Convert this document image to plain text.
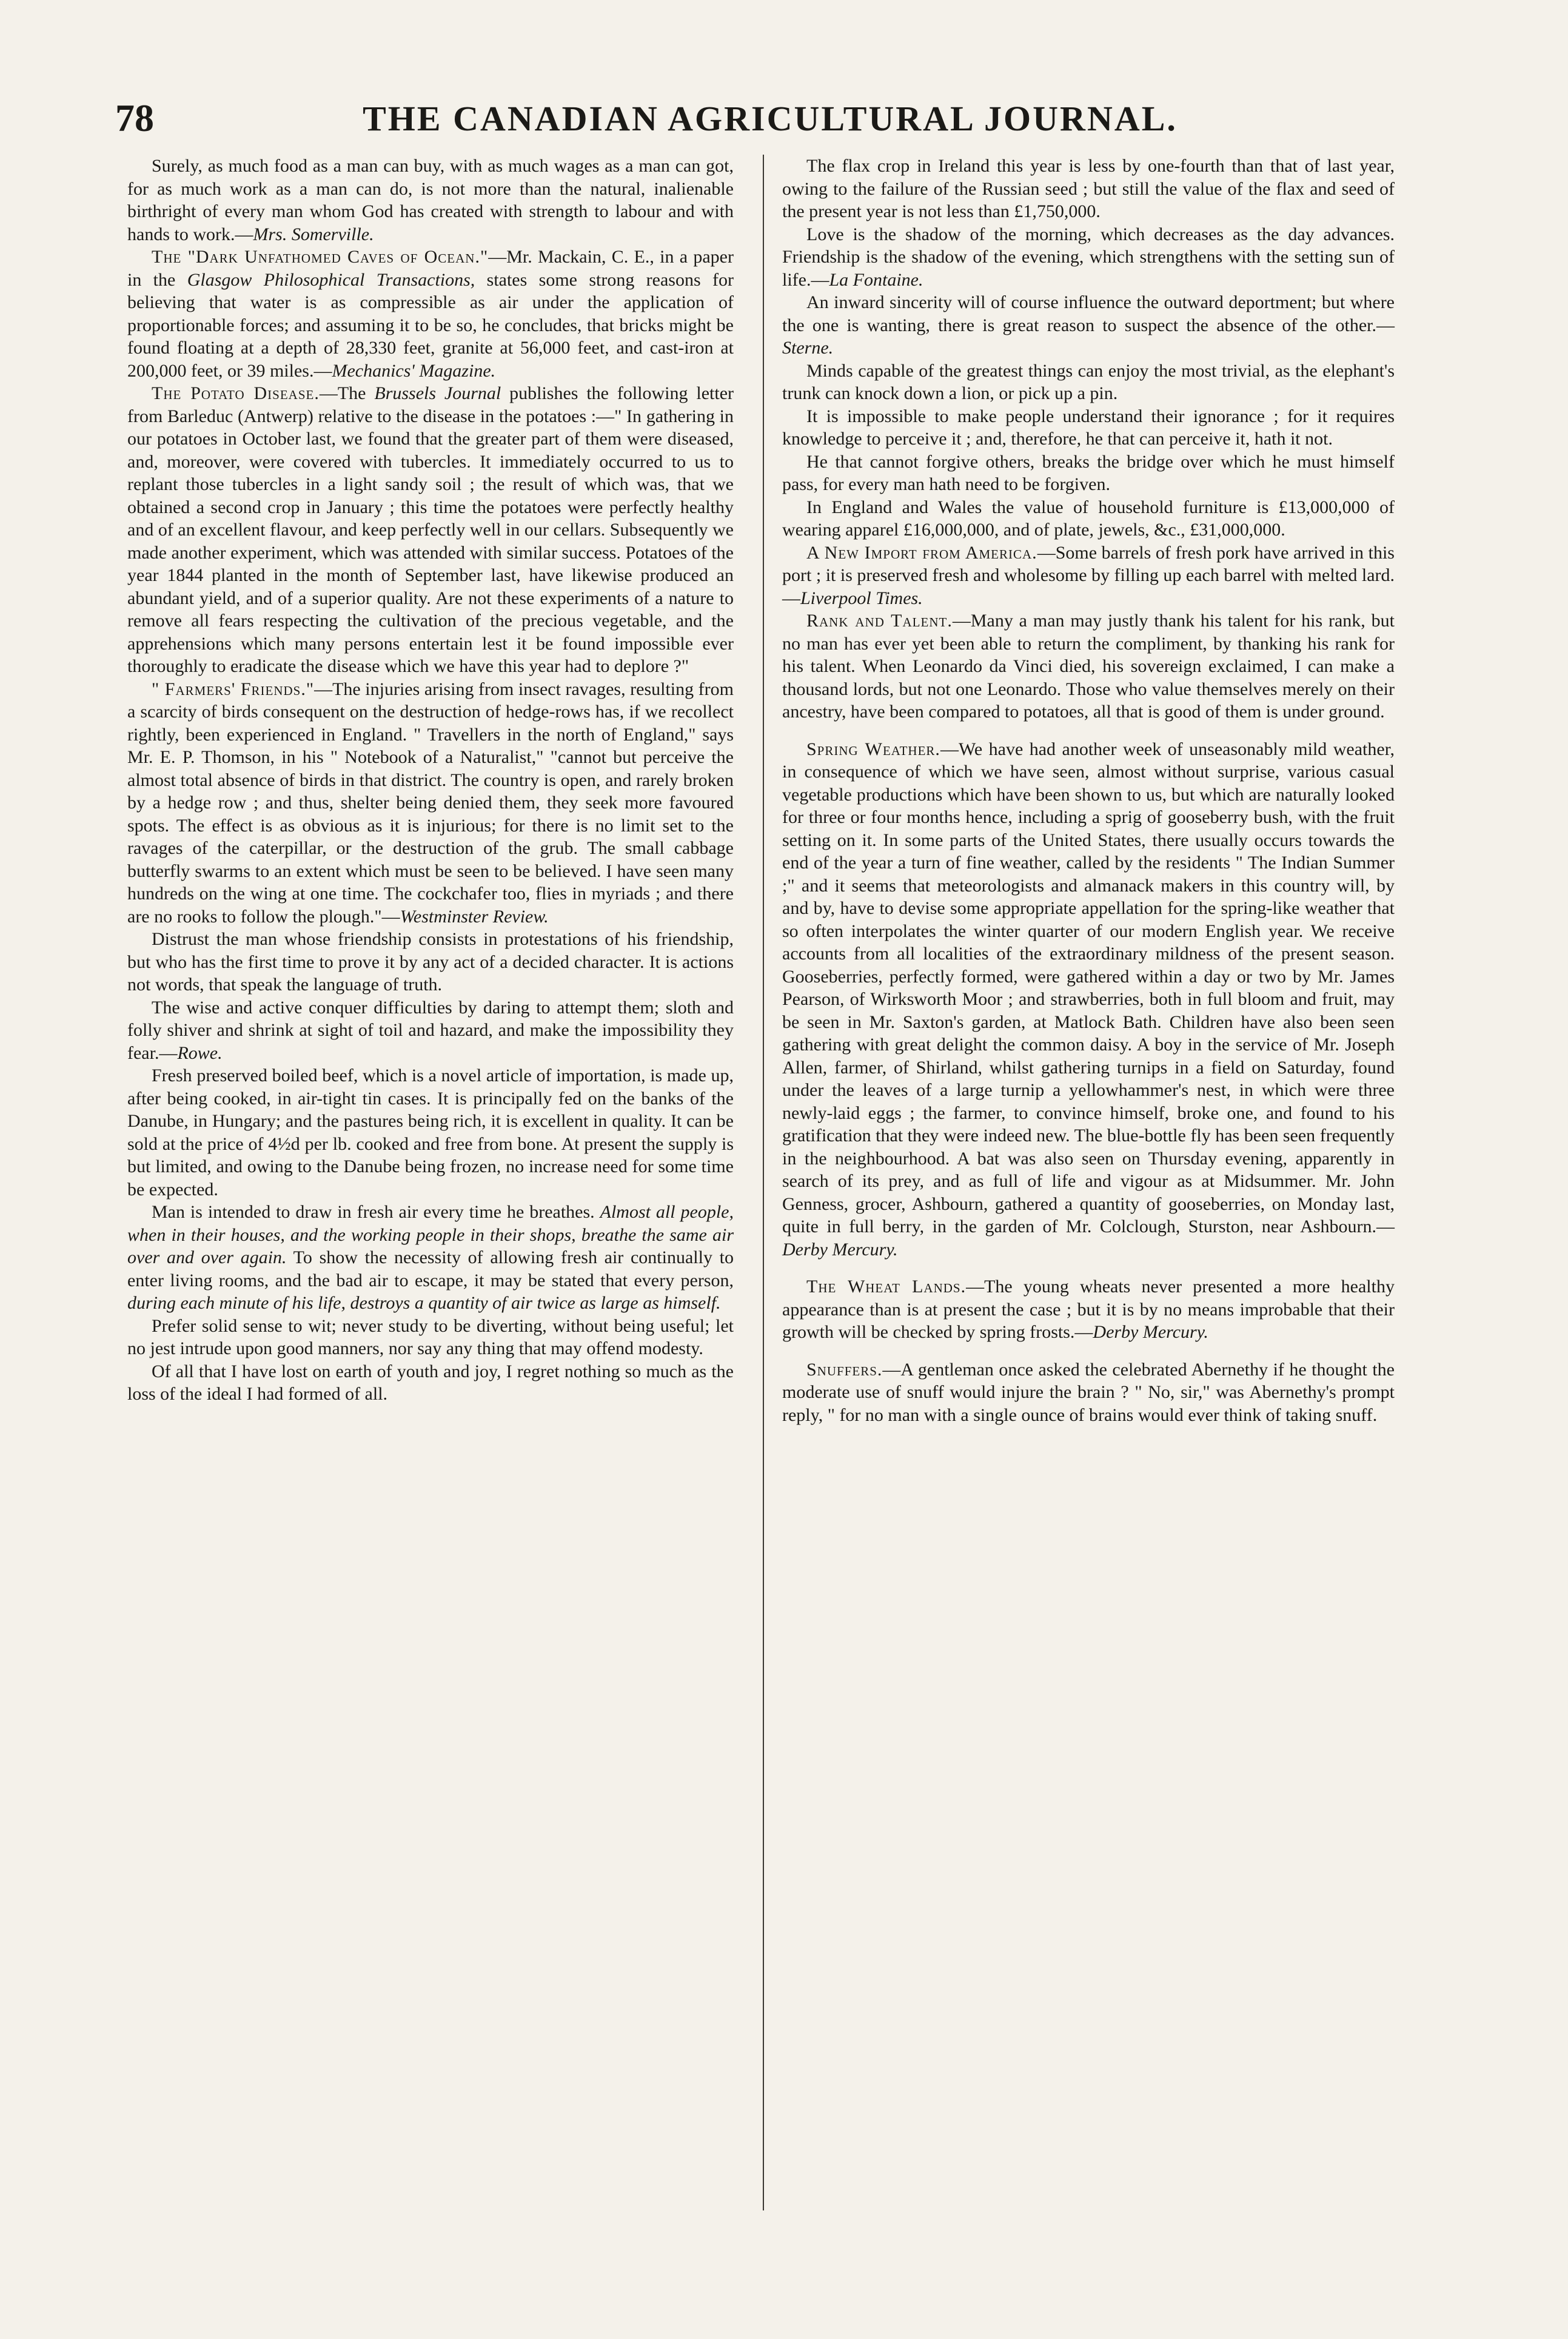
78	THE CANADIAN AGRICULTURAL JOURNAL.

Surely, as much food as a man can buy, with as much wages as a man can got, for as much work as a man can do, is not more than the natural, inalienable birthright of every man whom God has created with strength to labour and with hands to work.—Mrs. Somerville.

The "Dark Unfathomed Caves of Ocean."—Mr. Mackain, C. E., in a paper in the Glasgow Philosophical Transactions, states some strong reasons for believing that water is as compressible as air under the application of proportionable forces; and assuming it to be so, he concludes, that bricks might be found floating at a depth of 28,330 feet, granite at 56,000 feet, and cast-iron at 200,000 feet, or 39 miles.—Mechanics' Magazine.

The Potato Disease.—The Brussels Journal publishes the following letter from Barleduc (Antwerp) relative to the disease in the potatoes :—" In gathering in our potatoes in October last, we found that the greater part of them were diseased, and, moreover, were covered with tubercles. It immediately occurred to us to replant those tubercles in a light sandy soil ; the result of which was, that we obtained a second crop in January ; this time the potatoes were perfectly healthy and of an excellent flavour, and keep perfectly well in our cellars. Subsequently we made another experiment, which was attended with similar success. Potatoes of the year 1844 planted in the month of September last, have likewise produced an abundant yield, and of a superior quality. Are not these experiments of a nature to remove all fears respecting the cultivation of the precious vegetable, and the apprehensions which many persons entertain lest it be found impossible ever thoroughly to eradicate the disease which we have this year had to deplore ?"

" Farmers' Friends."—The injuries arising from insect ravages, resulting from a scarcity of birds consequent on the destruction of hedge-rows has, if we recollect rightly, been experienced in England. " Travellers in the north of England," says Mr. E. P. Thomson, in his " Notebook of a Naturalist," "cannot but perceive the almost total absence of birds in that district. The country is open, and rarely broken by a hedge row ; and thus, shelter being denied them, they seek more favoured spots. The effect is as obvious as it is injurious; for there is no limit set to the ravages of the caterpillar, or the destruction of the grub. The small cabbage butterfly swarms to an extent which must be seen to be believed. I have seen many hundreds on the wing at one time. The cockchafer too, flies in myriads ; and there are no rooks to follow the plough."—Westminster Review.

Distrust the man whose friendship consists in protestations of his friendship, but who has the first time to prove it by any act of a decided character. It is actions not words, that speak the language of truth.

The wise and active conquer difficulties by daring to attempt them; sloth and folly shiver and shrink at sight of toil and hazard, and make the impossibility they fear.—Rowe.

Fresh preserved boiled beef, which is a novel article of importation, is made up, after being cooked, in air-tight tin cases. It is principally fed on the banks of the Danube, in Hungary; and the pastures being rich, it is excellent in quality. It can be sold at the price of 4½d per lb. cooked and free from bone. At present the supply is but limited, and owing to the Danube being frozen, no increase need for some time be expected.

Man is intended to draw in fresh air every time he breathes. Almost all people, when in their houses, and the working people in their shops, breathe the same air over and over again. To show the necessity of allowing fresh air continually to enter living rooms, and the bad air to escape, it may be stated that every person, during each minute of his life, destroys a quantity of air twice as large as himself.

Prefer solid sense to wit; never study to be diverting, without being useful; let no jest intrude upon good manners, nor say any thing that may offend modesty.

Of all that I have lost on earth of youth and joy, I regret nothing so much as the loss of the ideal I had formed of all.

The flax crop in Ireland this year is less by one-fourth than that of last year, owing to the failure of the Russian seed ; but still the value of the flax and seed of the present year is not less than £1,750,000.

Love is the shadow of the morning, which decreases as the day advances. Friendship is the shadow of the evening, which strengthens with the setting sun of life.—La Fontaine.

An inward sincerity will of course influence the outward deportment; but where the one is wanting, there is great reason to suspect the absence of the other.—Sterne.

Minds capable of the greatest things can enjoy the most trivial, as the elephant's trunk can knock down a lion, or pick up a pin.

It is impossible to make people understand their ignorance ; for it requires knowledge to perceive it ; and, therefore, he that can perceive it, hath it not.

He that cannot forgive others, breaks the bridge over which he must himself pass, for every man hath need to be forgiven.

In England and Wales the value of household furniture is £13,000,000 of wearing apparel £16,000,000, and of plate, jewels, &c., £31,000,000.

A New Import from America.—Some barrels of fresh pork have arrived in this port ; it is preserved fresh and wholesome by filling up each barrel with melted lard.—Liverpool Times.

Rank and Talent.—Many a man may justly thank his talent for his rank, but no man has ever yet been able to return the compliment, by thanking his rank for his talent. When Leonardo da Vinci died, his sovereign exclaimed, I can make a thousand lords, but not one Leonardo. Those who value themselves merely on their ancestry, have been compared to potatoes, all that is good of them is under ground.

Spring Weather.—We have had another week of unseasonably mild weather, in consequence of which we have seen, almost without surprise, various casual vegetable productions which have been shown to us, but which are naturally looked for three or four months hence, including a sprig of gooseberry bush, with the fruit setting on it. In some parts of the United States, there usually occurs towards the end of the year a turn of fine weather, called by the residents " The Indian Summer ;" and it seems that meteorologists and almanack makers in this country will, by and by, have to devise some appropriate appellation for the spring-like weather that so often interpolates the winter quarter of our modern English year. We receive accounts from all localities of the extraordinary mildness of the present season. Gooseberries, perfectly formed, were gathered within a day or two by Mr. James Pearson, of Wirksworth Moor ; and strawberries, both in full bloom and fruit, may be seen in Mr. Saxton's garden, at Matlock Bath. Children have also been seen gathering with great delight the common daisy. A boy in the service of Mr. Joseph Allen, farmer, of Shirland, whilst gathering turnips in a field on Saturday, found under the leaves of a large turnip a yellowhammer's nest, in which were three newly-laid eggs ; the farmer, to convince himself, broke one, and found to his gratification that they were indeed new. The blue-bottle fly has been seen frequently in the neighbourhood. A bat was also seen on Thursday evening, apparently in search of its prey, and as full of life and vigour as at Midsummer. Mr. John Genness, grocer, Ashbourn, gathered a quantity of gooseberries, on Monday last, quite in full berry, in the garden of Mr. Colclough, Sturston, near Ashbourn.—Derby Mercury.

The Wheat Lands.—The young wheats never presented a more healthy appearance than is at present the case ; but it is by no means improbable that their growth will be checked by spring frosts.—Derby Mercury.

Snuffers.—A gentleman once asked the celebrated Abernethy if he thought the moderate use of snuff would injure the brain ? " No, sir," was Abernethy's prompt reply, " for no man with a single ounce of brains would ever think of taking snuff.
